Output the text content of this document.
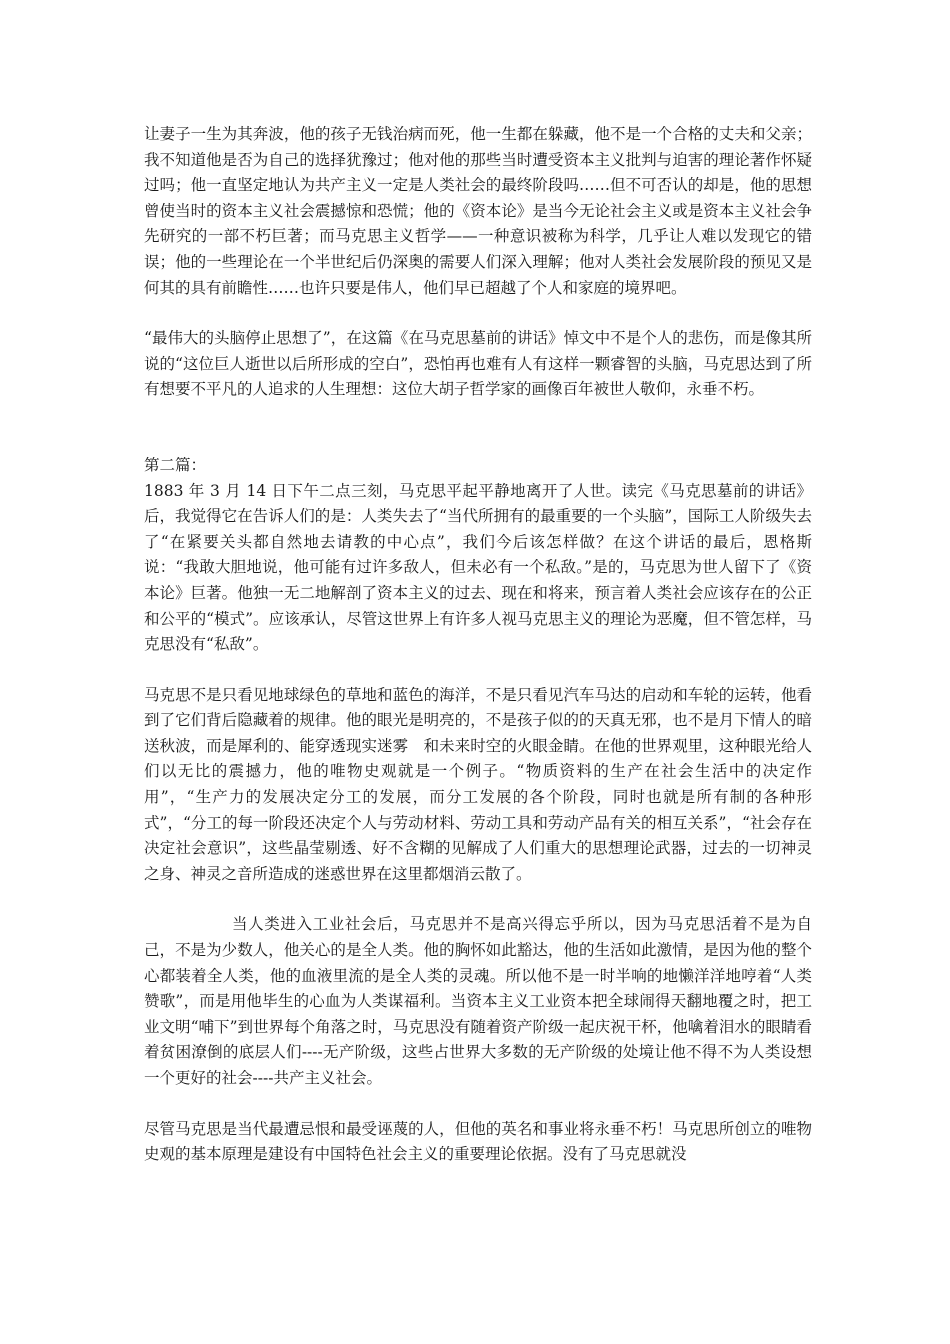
让妻子一生为其奔波，他的孩子无钱治病而死，他一生都在躲藏，他不是一个合格的丈夫和父亲；我不知道他是否为自己的选择犹豫过；他对他的那些当时遭受资本主义批判与迫害的理论著作怀疑过吗；他一直坚定地认为共产主义一定是人类社会的最终阶段吗……但不可否认的却是，他的思想曾使当时的资本主义社会震撼惊和恐慌；他的《资本论》是当今无论社会主义或是资本主义社会争先研究的一部不朽巨著；而马克思主义哲学——一种意识被称为科学，几乎让人难以发现它的错误；他的一些理论在一个半世纪后仍深奥的需要人们深入理解；他对人类社会发展阶段的预见又是何其的具有前瞻性……也许只要是伟人，他们早已超越了个人和家庭的境界吧。

“最伟大的头脑停止思想了”，在这篇《在马克思墓前的讲话》悼文中不是个人的悲伤，而是像其所说的“这位巨人逝世以后所形成的空白”，恐怕再也难有人有这样一颗睿智的头脑，马克思达到了所有想要不平凡的人追求的人生理想：这位大胡子哲学家的画像百年被世人敬仰，永垂不朽。

第二篇：

1883 年 3 月 14 日下午二点三刻，马克思平起平静地离开了人世。读完《马克思墓前的讲话》后，我觉得它在告诉人们的是：人类失去了“当代所拥有的最重要的一个头脑”，国际工人阶级失去了“在紧要关头都自然地去请教的中心点”，我们今后该怎样做？在这个讲话的最后，恩格斯说：“我敢大胆地说，他可能有过许多敌人，但未必有一个私敌。”是的，马克思为世人留下了《资本论》巨著。他独一无二地解剖了资本主义的过去、现在和将来，预言着人类社会应该存在的公正和公平的“模式”。应该承认，尽管这世界上有许多人视马克思主义的理论为恶魔，但不管怎样，马克思没有“私敌”。

马克思不是只看见地球绿色的草地和蓝色的海洋，不是只看见汽车马达的启动和车轮的运转，他看到了它们背后隐藏着的规律。他的眼光是明亮的，不是孩子似的的天真无邪，也不是月下情人的暗送秋波，而是犀利的、能穿透现实迷雾　和未来时空的火眼金睛。在他的世界观里，这种眼光给人们以无比的震撼力，他的唯物史观就是一个例子。“物质资料的生产在社会生活中的决定作用”，“生产力的发展决定分工的发展，而分工发展的各个阶段，同时也就是所有制的各种形式”，“分工的每一阶段还决定个人与劳动材料、劳动工具和劳动产品有关的相互关系”，“社会存在决定社会意识”，这些晶莹剔透、好不含糊的见解成了人们重大的思想理论武器，过去的一切神灵之身、神灵之音所造成的迷惑世界在这里都烟消云散了。

当人类进入工业社会后，马克思并不是高兴得忘乎所以，因为马克思活着不是为自己，不是为少数人，他关心的是全人类。他的胸怀如此豁达，他的生活如此激情，是因为他的整个心都装着全人类，他的血液里流的是全人类的灵魂。所以他不是一时半响的地懒洋洋地哼着“人类赞歌”，而是用他毕生的心血为人类谋福利。当资本主义工业资本把全球闹得天翻地覆之时，把工业文明“哺下”到世界每个角落之时，马克思没有随着资产阶级一起庆祝干杯，他噙着泪水的眼睛看着贫困潦倒的底层人们----无产阶级，这些占世界大多数的无产阶级的处境让他不得不为人类设想一个更好的社会----共产主义社会。

尽管马克思是当代最遭忌恨和最受诬蔑的人，但他的英名和事业将永垂不朽！马克思所创立的唯物史观的基本原理是建设有中国特色社会主义的重要理论依据。没有了马克思就没
